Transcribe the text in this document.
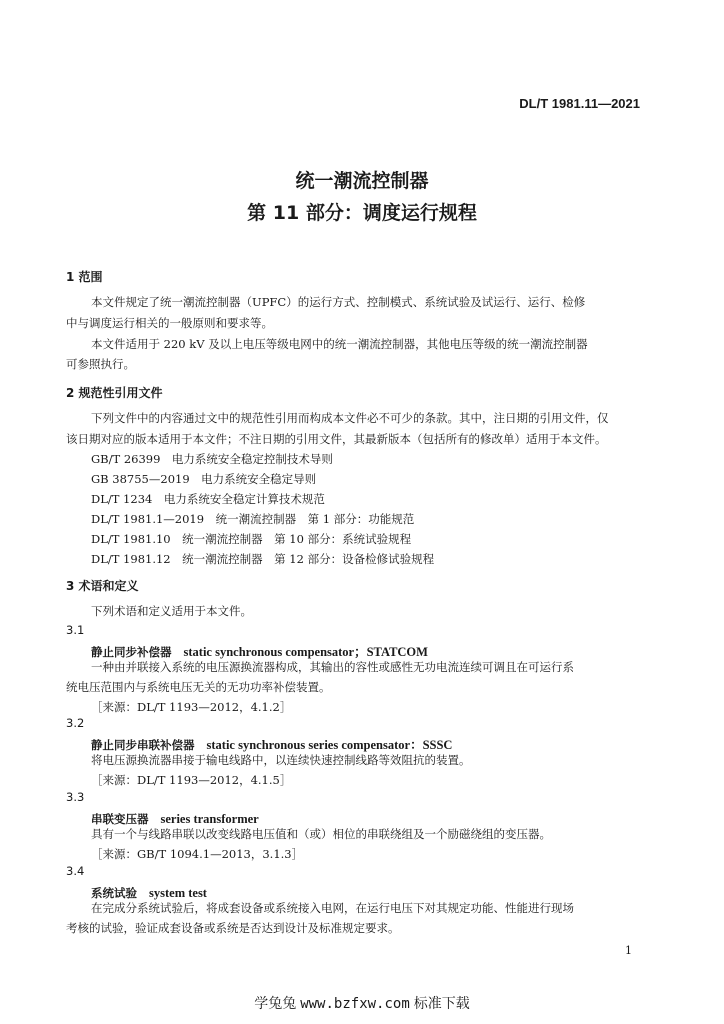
DL/T 1981.11—2021
统一潮流控制器
第 11 部分：调度运行规程
1 范围
本文件规定了统一潮流控制器（UPFC）的运行方式、控制模式、系统试验及试运行、运行、检修
中与调度运行相关的一般原则和要求等。
本文件适用于 220 kV 及以上电压等级电网中的统一潮流控制器，其他电压等级的统一潮流控制器
可参照执行。
2 规范性引用文件
下列文件中的内容通过文中的规范性引用而构成本文件必不可少的条款。其中，注日期的引用文件，仅
该日期对应的版本适用于本文件；不注日期的引用文件，其最新版本（包括所有的修改单）适用于本文件。
GB/T 26399　 电力系统安全稳定控制技术导则
GB 38755—2019　 电力系统安全稳定导则
DL/T 1234　 电力系统安全稳定计算技术规范
DL/T 1981.1—2019　 统一潮流控制器　第 1 部分：功能规范
DL/T 1981.10　 统一潮流控制器　第 10 部分：系统试验规程
DL/T 1981.12　 统一潮流控制器　第 12 部分：设备检修试验规程
3 术语和定义
下列术语和定义适用于本文件。
3.1
静止同步补偿器 static synchronous compensator；STATCOM
一种由并联接入系统的电压源换流器构成，其输出的容性或感性无功电流连续可调且在可运行系
统电压范围内与系统电压无关的无功功率补偿装置。
［来源：DL/T 1193—2012，4.1.2］
3.2
静止同步串联补偿器 static synchronous series compensator：SSSC
将电压源换流器串接于输电线路中，以连续快速控制线路等效阻抗的装置。
［来源：DL/T 1193—2012，4.1.5］
3.3
串联变压器 series transformer
具有一个与线路串联以改变线路电压值和（或）相位的串联绕组及一个励磁绕组的变压器。
［来源：GB/T 1094.1—2013，3.1.3］
3.4
系统试验 system test
在完成分系统试验后，将成套设备或系统接入电网，在运行电压下对其规定功能、性能进行现场
考核的试验，验证成套设备或系统是否达到设计及标准规定要求。
1
学兔兔 www.bzfxw.com 标准下载
